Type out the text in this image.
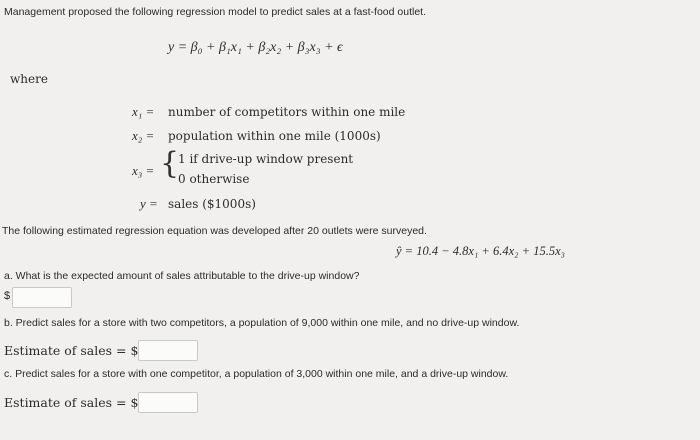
Management proposed the following regression model to predict sales at a fast-food outlet.
y = β₀ + β₁x₁ + β₂x₂ + β₃x₃ + ϵ
where
x₁ = number of competitors within one mile
x₂ = population within one mile (1000s)
x₃ = {
1 if drive-up window present
0 otherwise
y = sales ($1000s)
The following estimated regression equation was developed after 20 outlets were surveyed.
ŷ = 10.4 − 4.8x₁ + 6.4x₂ + 15.5x₃
a. What is the expected amount of sales attributable to the drive-up window?
$
b. Predict sales for a store with two competitors, a population of 9,000 within one mile, and no drive-up window.
Estimate of sales = $
c. Predict sales for a store with one competitor, a population of 3,000 within one mile, and a drive-up window.
Estimate of sales = $
